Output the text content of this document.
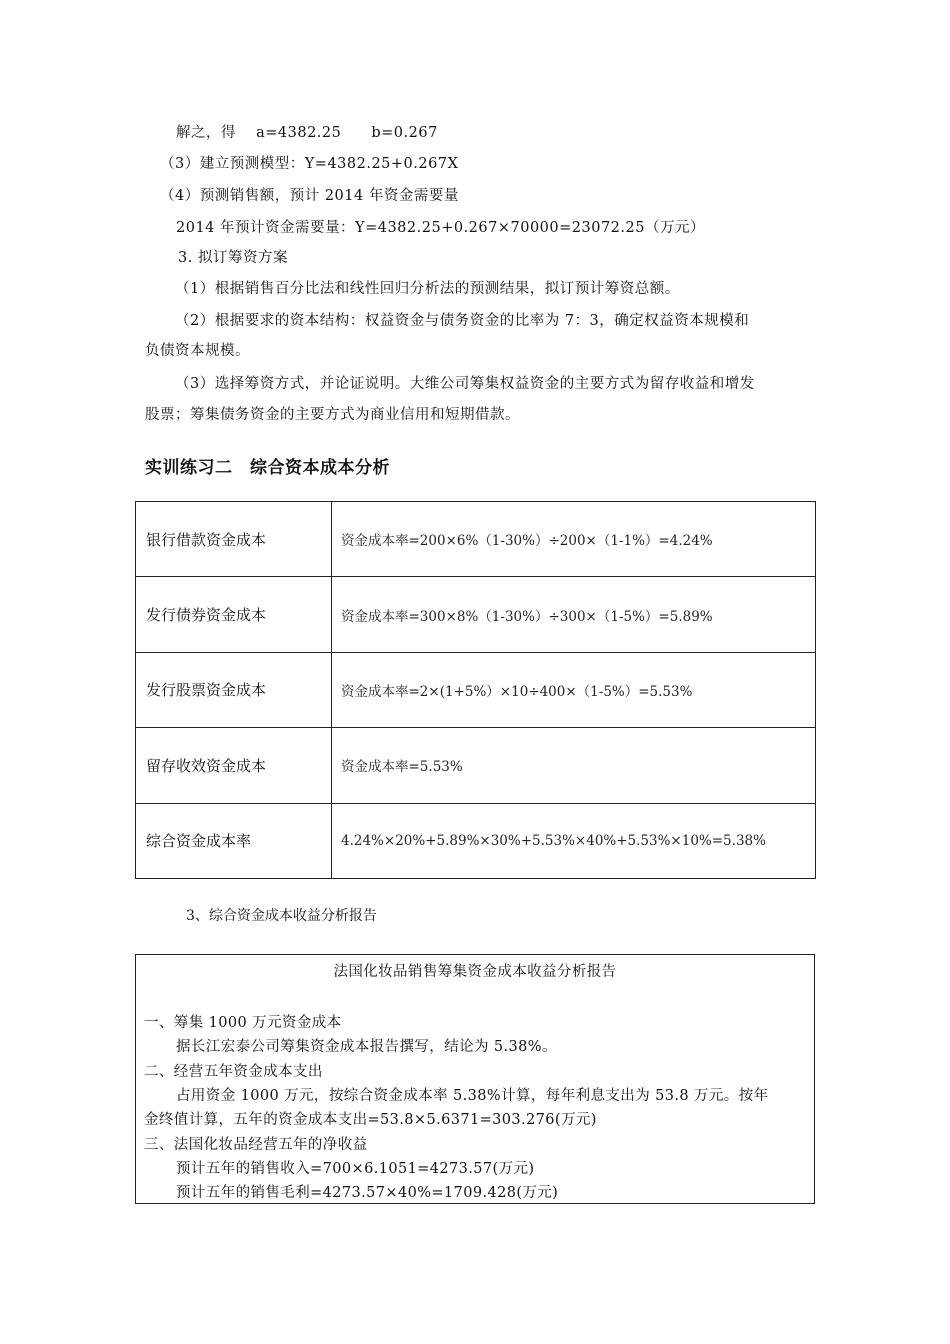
解之，得　 a=4382.25　　b=0.267
（3）建立预测模型：Y=4382.25+0.267X
（4）预测销售额，预计 2014 年资金需要量
2014 年预计资金需要量：Y=4382.25+0.267×70000=23072.25（万元）
3. 拟订筹资方案
（1）根据销售百分比法和线性回归分析法的预测结果，拟订预计筹资总额。
（2）根据要求的资本结构：权益资金与债务资金的比率为 7：3，确定权益资本规模和
负债资本规模。
（3）选择筹资方式，并论证说明。大维公司筹集权益资金的主要方式为留存收益和增发
股票；筹集债务资金的主要方式为商业信用和短期借款。
实训练习二　综合资本成本分析
银行借款资金成本	资金成本率=200×6%（1-30%）÷200×（1-1%）=4.24%
发行债券资金成本	资金成本率=300×8%（1-30%）÷300×（1-5%）=5.89%
发行股票资金成本	资金成本率=2×(1+5%）×10÷400×（1-5%）=5.53%
留存收效资金成本	资金成本率=5.53%
综合资金成本率	4.24%×20%+5.89%×30%+5.53%×40%+5.53%×10%=5.38%
3、综合资金成本收益分析报告
法国化妆品销售筹集资金成本收益分析报告
一、筹集 1000 万元资金成本
据长江宏泰公司筹集资金成本报告撰写，结论为 5.38%。
二、经营五年资金成本支出
占用资金 1000 万元，按综合资金成本率 5.38%计算，每年利息支出为 53.8 万元。按年
金终值计算，五年的资金成本支出=53.8×5.6371=303.276(万元)
三、法国化妆品经营五年的净收益
预计五年的销售收入=700×6.1051=4273.57(万元)
预计五年的销售毛利=4273.57×40%=1709.428(万元)
